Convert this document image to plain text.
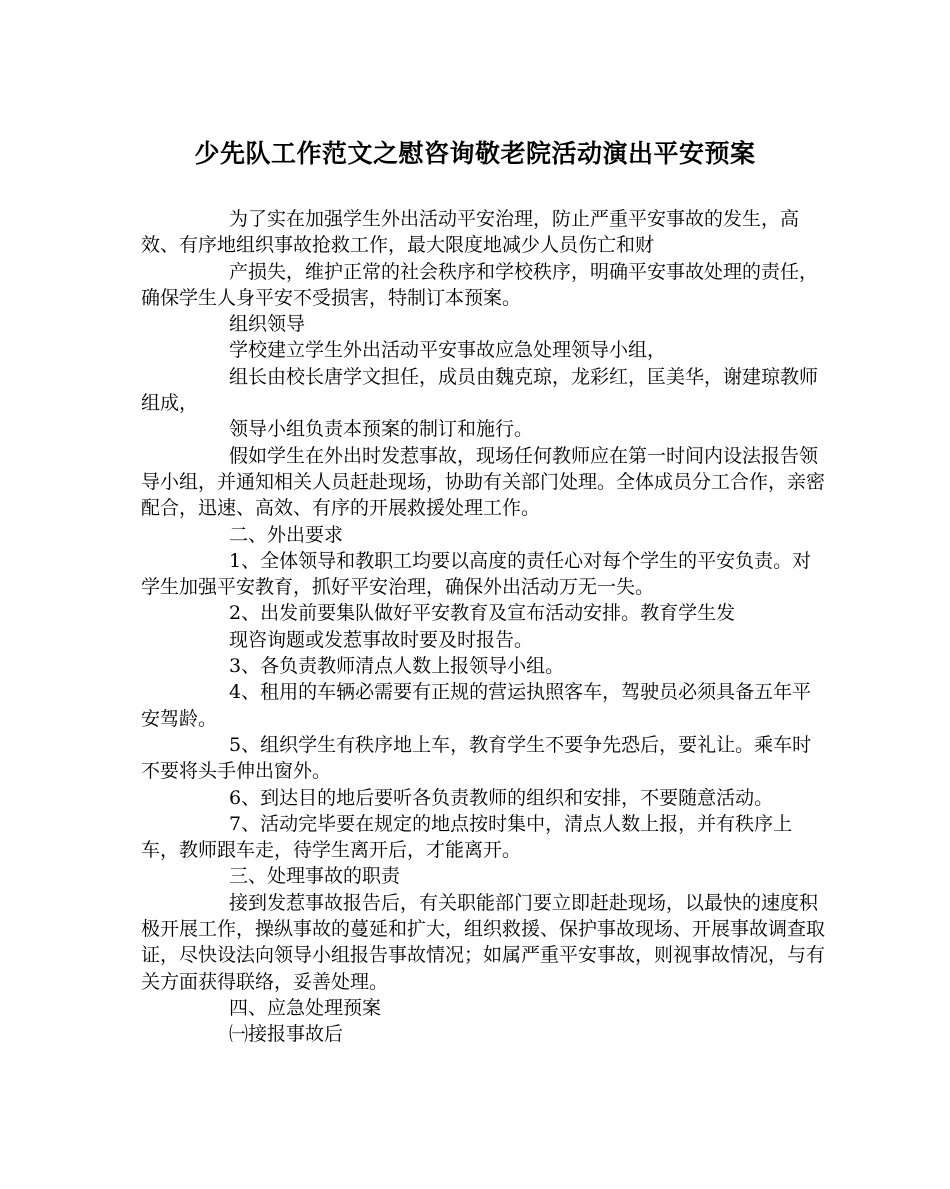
少先队工作范文之慰咨询敬老院活动演出平安预案

为了实在加强学生外出活动平安治理，防止严重平安事故的发生，高效、有序地组织事故抢救工作，最大限度地减少人员伤亡和财

产损失，维护正常的社会秩序和学校秩序，明确平安事故处理的责任，确保学生人身平安不受损害，特制订本预案。

组织领导

学校建立学生外出活动平安事故应急处理领导小组，

组长由校长唐学文担任，成员由魏克琼，龙彩红，匡美华，谢建琼教师组成，

领导小组负责本预案的制订和施行。

假如学生在外出时发惹事故，现场任何教师应在第一时间内设法报告领导小组，并通知相关人员赶赴现场，协助有关部门处理。全体成员分工合作，亲密配合，迅速、高效、有序的开展救援处理工作。

二、外出要求

1、全体领导和教职工均要以高度的责任心对每个学生的平安负责。对学生加强平安教育，抓好平安治理，确保外出活动万无一失。

2、出发前要集队做好平安教育及宣布活动安排。教育学生发

现咨询题或发惹事故时要及时报告。

3、各负责教师清点人数上报领导小组。

4、租用的车辆必需要有正规的营运执照客车，驾驶员必须具备五年平安驾龄。

5、组织学生有秩序地上车，教育学生不要争先恐后，要礼让。乘车时不要将头手伸出窗外。

6、到达目的地后要听各负责教师的组织和安排，不要随意活动。

7、活动完毕要在规定的地点按时集中，清点人数上报，并有秩序上车，教师跟车走，待学生离开后，才能离开。

三、处理事故的职责

接到发惹事故报告后，有关职能部门要立即赶赴现场，以最快的速度积极开展工作，操纵事故的蔓延和扩大，组织救援、保护事故现场、开展事故调查取证，尽快设法向领导小组报告事故情况；如属严重平安事故，则视事故情况，与有关方面获得联络，妥善处理。

四、应急处理预案

㈠接报事故后
